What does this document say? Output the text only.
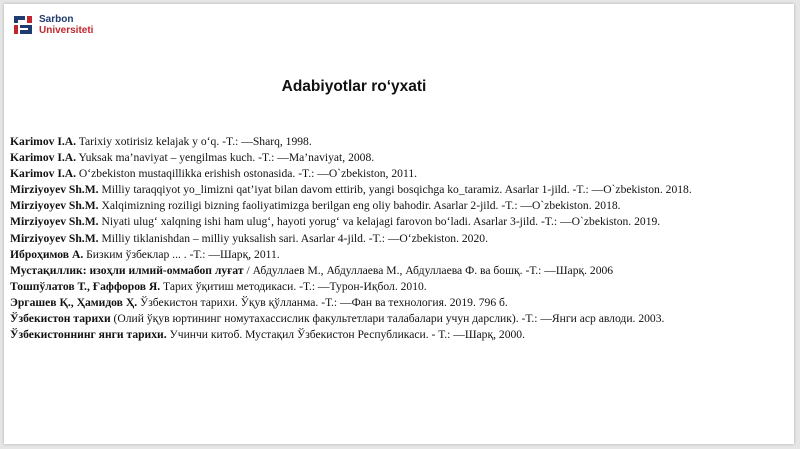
Sarbon
Universiteti
Adabiyotlar ro‘yxati

Karimov I.A. Tarixiy xotirisiz kelajak y o‘q. -T.: ―Sharq, 1998.

Karimov I.A. Yuksak ma’naviyat – yengilmas kuch. -T.: ―Ma’naviyat, 2008.

Karimov I.A. O‘zbekiston mustaqillikka erishish ostonasida. -T.: ―O`zbekiston, 2011.

Mirziyoyev Sh.M. Milliy taraqqiyot yo_limizni qat’iyat bilan davom ettirib, yangi bosqichga ko_taramiz. Asarlar 1-jild. -T.: ―O`zbekiston. 2018.

Mirziyoyev Sh.M. Xalqimizning roziligi bizning faoliyatimizga berilgan eng oliy bahodir. Asarlar 2-jild. -T.: ―O`zbekiston. 2018.

Mirziyoyev Sh.M. Niyati ulug‘ xalqning ishi ham ulug‘, hayoti yorug‘ va kelajagi farovon bo‘ladi. Asarlar 3-jild. -T.: ―O`zbekiston. 2019.

Mirziyoyev Sh.M. Milliy tiklanishdan – milliy yuksalish sari. Asarlar 4-jild. -T.: ―O‘zbekiston. 2020.

Иброҳимов А. Бизким ўзбеклар ... . -Т.: ―Шарқ, 2011.

Мустақиллик: изоҳли илмий-оммабоп луғат / Абдуллаев М., Абдуллаева М., Абдуллаева Ф. ва бошқ. -Т.: ―Шарқ. 2006

Тошпўлатов Т., Ғаффоров Я. Тарих ўқитиш методикаси. -Т.: ―Турон-Иқбол. 2010.

Эргашев Қ., Ҳамидов Ҳ. Ўзбекистон тарихи. Ўқув қўлланма. -Т.: ―Фан ва технология. 2019. 796 б.

Ўзбекистон тарихи (Олий ўқув юртининг номутахассислик факультетлари талабалари учун дарслик). -Т.: ―Янги аср авлоди. 2003.

Ўзбекистоннинг янги тарихи. Учинчи китоб. Мустақил Ўзбекистон Республикаси. - Т.: ―Шарқ, 2000.
